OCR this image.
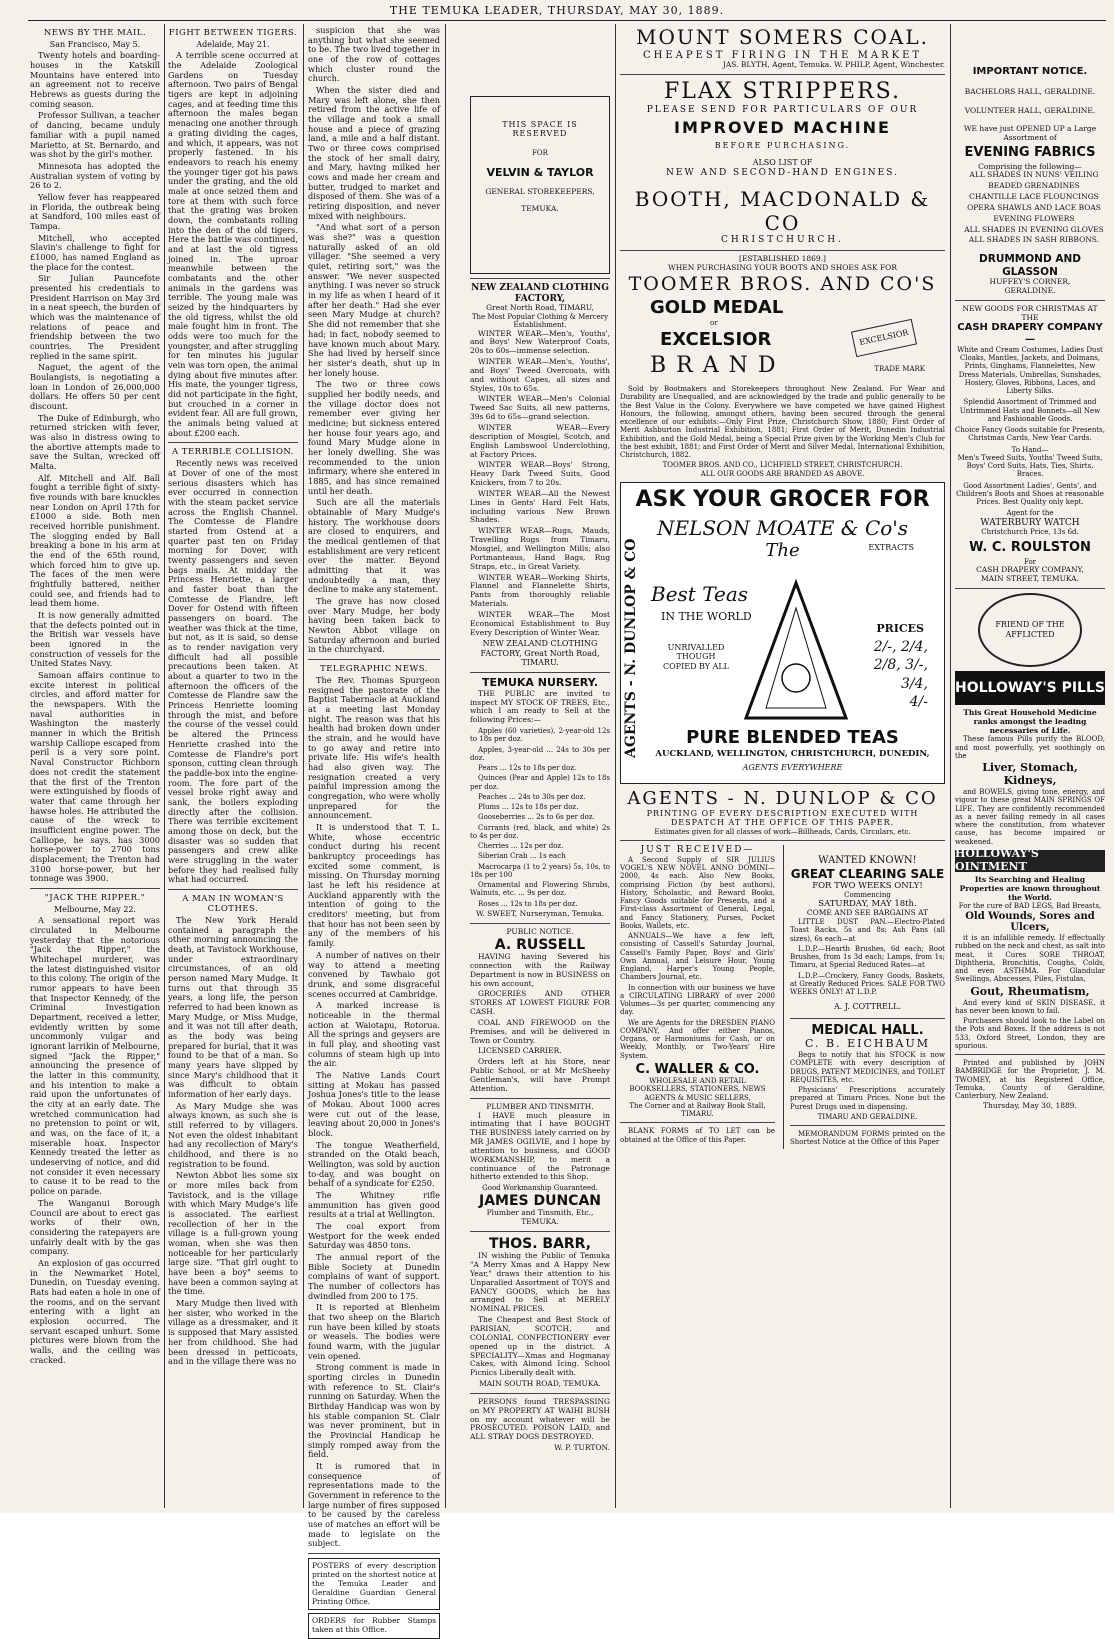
THE TEMUKA LEADER, THURSDAY, MAY 30, 1889.
NEWS BY THE MAIL.
San Francisco, May 5.

Twenty hotels and boarding-houses in the Katskill Mountains have entered into an agreement not to receive Hebrews as guests during the coming season.

Professor Sullivan, a teacher of dancing, became unduly familiar with a pupil named Marietto, at St. Bernardo, and was shot by the girl's mother.

Minnesota has adopted the Australian system of voting by 26 to 2.

Yellow fever has reappeared in Florida, the outbreak being at Sandford, 100 miles east of Tampa.

Mitchell, who accepted Slavin's challenge to fight for £1000, has named England as the place for the contest.

Sir Julian Pauncefote presented his credentials to President Harrison on May 3rd in a neat speech, the burden of which was the maintenance of relations of peace and friendship between the two countries. The President replied in the same spirit.

Naguet, the agent of the Boulangists, is negotiating a loan in London of 26,000,000 dollars. He offers 50 per cent discount.

The Duke of Edinburgh, who returned stricken with fever, was also in distress owing to the abortive attempts made to save the Sultan, wrecked off Malta.

Alf. Mitchell and Alf. Ball fought a terrible fight of sixty-five rounds with bare knuckles near London on April 17th for £1000 a side. Both men received horrible punishment. The slogging ended by Ball breaking a bone in his arm at the end of the 65th round, which forced him to give up. The faces of the men were frightfully battered, neither could see, and friends had to lead them home.

It is now generally admitted that the defects pointed out in the British war vessels have been ignored in the construction of vessels for the United States Navy.

Samoan affairs continue to excite interest in political circles, and afford matter for the newspapers. With the naval authorities in Washington the masterly manner in which the British warship Calliope escaped from peril is a very sore point. Naval Constructor Richborn does not credit the statement that the first of the Trenton were extinguished by floods of water that came through her hawse holes. He attributed the cause of the wreck to insufficient engine power. The Calliope, he says, has 3000 horse-power to 2700 tons displacement; the Trenton had 3100 horse-power, but her tonnage was 3900.

"JACK THE RIPPER."
Melbourne, May 22.

A sensational report was circulated in Melbourne yesterday that the notorious "Jack the Ripper," the Whitechapel murderer, was the latest distinguished visitor to this colony. The origin of the rumor appears to have been that Inspector Kennedy, of the Criminal Investigation Department, received a letter, evidently written by some uncommonly vulgar and ignorant larrikin of Melbourne, signed "Jack the Ripper," announcing the presence of the latter in this community, and his intention to make a raid upon the unfortunates of the city at an early date. The wretched communication had no pretension to point or wit, and was, on the face of it, a miserable hoax. Inspector Kennedy treated the letter as undeserving of notice, and did not consider it even necessary to cause it to be read to the police on parade.

The Wanganui Borough Council are about to erect gas works of their own, considering the ratepayers are unfairly dealt with by the gas company.

An explosion of gas occurred in the Newmarket Hotel, Dunedin, on Tuesday evening. Rats had eaten a hole in one of the rooms, and on the servant entering with a light an explosion occurred. The servant escaped unhurt. Some pictures were blown from the walls, and the ceiling was cracked.

FIGHT BETWEEN TIGERS.
Adelaide, May 21.

A terrible scene occurred at the Adelaide Zoological Gardens on Tuesday afternoon. Two pairs of Bengal tigers are kept in adjoining cages, and at feeding time this afternoon the males began menacing one another through a grating dividing the cages, and which, it appears, was not properly fastened. In his endeavors to reach his enemy the younger tiger got his paws under the grating, and the old male at once seized them and tore at them with such force that the grating was broken down, the combatants rolling into the den of the old tigers. Here the battle was continued, and at last the old tigress joined in. The uproar meanwhile between the combatants and the other animals in the gardens was terrible. The young male was seized by the hindquarters by the old tigress, whilst the old male fought him in front. The odds were too much for the youngster, and after struggling for ten minutes his jugular vein was torn open, the animal dying about five minutes after. His mate, the younger tigress, did not participate in the fight, but crouched in a corner in evident fear. All are full grown, the animals being valued at about £200 each.

A TERRIBLE COLLISION.

Recently news was received at Dover of one of the most serious disasters which has ever occurred in connection with the steam packet service across the English Channel. The Comtesse de Flandre started from Ostend at a quarter past ten on Friday morning for Dover, with twenty passengers and seven bags mails. At midday the Princess Henriette, a larger and faster boat than the Comtesse de Flandre, left Dover for Ostend with fifteen passengers on board. The weather was thick at the time, but not, as it is said, so dense as to render navigation very difficult had all possible precautions been taken. At about a quarter to two in the afternoon the officers of the Comtesse de Flandre saw the Princess Henriette looming through the mist, and before the course of the vessel could be altered the Princess Henriette crashed into the Comtesse de Flandre's port sponson, cutting clean through the paddle-box into the engine-room. The fore part of the vessel broke right away and sank, the boilers exploding directly after the collision. There was terrible excitement among those on deck, but the disaster was so sudden that passengers and crew alike were struggling in the water before they had realised fully what had occurred.

A MAN IN WOMAN'S CLOTHES.

The New York Herald contained a paragraph the other morning announcing the death, at Tavistock Workhouse, under extraordinary circumstances, of an old person named Mary Mudge. It turns out that through 35 years, a long life, the person referred to had been known as Mary Mudge, or Miss Mudge, and it was not till after death, as the body was being prepared for burial, that it was found to be that of a man. So many years have slipped by since Mary's childhood that it was difficult to obtain information of her early days.

As Mary Mudge she was always known, as such she is still referred to by villagers. Not even the oldest inhabitant had any recollection of Mary's childhood, and there is no registration to be found.

Newton Abbot lies some six or more miles back from Tavistock, and is the village with which Mary Mudge's life is associated. The earliest recollection of her in the village is a full-grown young woman, when she was then noticeable for her particularly large size. "That girl ought to have been a boy" seems to have been a common saying at the time.

Mary Mudge then lived with her sister, who worked in the village as a dressmaker, and it is supposed that Mary assisted her from childhood. She had been dressed in petticoats, and in the village there was no

suspicion that she was anything but what she seemed to be. The two lived together in one of the row of cottages which cluster round the church.

When the sister died and Mary was left alone, she then retired from the active life of the village and took a small house and a piece of grazing land, a mile and a half distant. Two or three cows comprised the stock of her small dairy, and Mary, having milked her cows and made her cream and butter, trudged to market and disposed of them. She was of a retiring disposition, and never mixed with neighbours.

"And what sort of a person was she?" was a question naturally asked of an old villager. "She seemed a very quiet, retiring sort," was the answer. "We never suspected anything. I was never so struck in my life as when I heard of it after her death." Had she ever seen Mary Mudge at church? She did not remember that she had; in fact, nobody seemed to have known much about Mary. She had lived by herself since her sister's death, shut up in her lonely house.

The two or three cows supplied her bodily needs, and the village doctor does not remember ever giving her medicine; but sickness entered her house four years ago, and found Mary Mudge alone in her lonely dwelling. She was recommended to the union infirmary, where she entered in 1885, and has since remained until her death.

Such are all the materials obtainable of Mary Mudge's history. The workhouse doors are closed to enquirers, and the medical gentlemen of that establishment are very reticent over the matter. Beyond admitting that it was undoubtedly a man, they decline to make any statement.

The grave has now closed over Mary Mudge, her body having been taken back to Newton Abbot village on Saturday afternoon and buried in the churchyard.

TELEGRAPHIC NEWS.

The Rev. Thomas Spurgeon resigned the pastorate of the Baptist Tabernacle at Auckland at a meeting last Monday night. The reason was that his health had broken down under the strain, and he would have to go away and retire into private life. His wife's health had also given way. The resignation created a very painful impression among the congregation, who were wholly unprepared for the announcement.

It is understood that T. L. White, whose eccentric conduct during his recent bankruptcy proceedings has excited some comment, is missing. On Thursday morning last he left his residence at Auckland apparently with the intention of going to the creditors' meeting, but from that hour has not been seen by any of the members of his family.

A number of natives on their way to attend a meeting convened by Tawhaio got drunk, and some disgraceful scenes occurred at Cambridge.

A marked increase is noticeable in the thermal action at Waiotapu, Rotorua. All the springs and geysers are in full play, and shooting vast columns of steam high up into the air.

The Native Lands Court sitting at Mokau has passed Joshua Jones's title to the lease of Mokau. About 1000 acres were cut out of the lease, leaving about 20,000 in Jones's block.

The tongue Weatherfield, stranded on the Otaki beach, Wellington, was sold by auction to-day, and was bought on behalf of a syndicate for £250.

The Whitney rifle ammunition has given good results at a trial at Wellington.

The coal export from Westport for the week ended Saturday was 4850 tons.

The annual report of the Bible Society at Dunedin complains of want of support. The number of collectors has dwindled from 200 to 175.

It is reported at Blenheim that two sheep on the Blarich run have been killed by stoats or weasels. The bodies were found warm, with the jugular vein opened.

Strong comment is made in sporting circles in Dunedin with reference to St. Clair's running on Saturday. When the Birthday Handicap was won by his stable companion St. Clair was never prominent, but in the Provincial Handicap he simply romped away from the field.

It is rumored that in consequence of representations made to the Government in reference to the large number of fires supposed to be caused by the careless use of matches an effort will be made to legislate on the subject.

POSTERS of every description printed on the shortest notice at the Temuka Leader and Geraldine Guardian General Printing Office.
ORDERS for Rubber Stamps taken at this Office.
THIS SPACE IS RESERVED
FOR
VELVIN & TAYLOR
GENERAL STOREKEEPERS,
TEMUKA.
NEW ZEALAND CLOTHING FACTORY,
Great North Road, TIMARU,
The Most Popular Clothing & Mercery Establishment.

WINTER WEAR—Men's, Youths', and Boys' New Waterproof Coats, 20s to 60s—immense selection.

WINTER WEAR—Men's, Youths', and Boys' Tweed Overcoats, with and without Capes, all sizes and Styles, 10s to 65s.

WINTER WEAR—Men's Colonial Tweed Sac Suits, all new patterns, 39s 6d to 65s—grand selection.

WINTER WEAR—Every description of Mosgiel, Scotch, and English Lambswool Underclothing, at Factory Prices.

WINTER WEAR—Boys' Strong, Heavy Dark Tweed Suits, Good Knickers, from 7 to 20s.

WINTER WEAR—All the Newest Lines in Gents' Hard Felt Hats, including various New Brown Shades.

WINTER WEAR—Rugs, Mauds, Travelling Rugs from Timaru, Mosgiel, and Wellington Mills; also Portmanteaus, Hand Bags, Rug Straps, etc., in Great Variety.

WINTER WEAR—Working Shirts, Flannel and Flannelette Shirts, Pants from thoroughly reliable Materials.

WINTER WEAR—The Most Economical Establishment to Buy Every Description of Winter Wear.

NEW ZEALAND CLOTHING FACTORY, Great North Road, TIMARU.
TEMUKA NURSERY.

THE PUBLIC are invited to inspect MY STOCK OF TREES, Etc., which I am ready to Sell at the following Prices:—

Apples (60 varieties), 2-year-old 12s to 18s per doz.

Apples, 3-year-old ... 24s to 30s per doz.

Pears ... 12s to 18s per doz.

Quinces (Pear and Apple) 12s to 18s per doz.

Peaches ... 24s to 30s per doz.

Plums ... 12s to 18s per doz.

Gooseberries ... 2s to 6s per doz.

Currants (red, black, and white) 2s to 4s per doz.

Cherries ... 12s per doz.

Siberian Crab ... 1s each

Macrocarpa (1 to 2 years) 5s, 10s, to 18s per 100

Ornamental and Flowering Shrubs, Walnuts, etc. ... 9s per doz.

Roses ... 12s to 18s per doz.

W. SWEET, Nurseryman, Temuka.
PUBLIC NOTICE.
A. RUSSELL

HAVING having Severed his connection with the Railway Department is now in BUSINESS on his own account,

GROCERIES AND OTHER STORES AT LOWEST FIGURE FOR CASH.

COAL AND FIREWOOD on the Premises, and will be delivered in Town or Country.

LICENSED CARRIER.

Orders left at his Store, near Public School, or at Mr McSheehy Gentleman's, will have Prompt Attention.

PLUMBER AND TINSMITH.

I HAVE much pleasure in intimating that I have BOUGHT THE BUSINESS lately carried on by MR JAMES OGILVIE, and I hope by attention to business, and GOOD WORKMANSHIP, to merit a continuance of the Patronage hitherto extended to this Shop.

Good Workmanship Guaranteed.
JAMES DUNCAN
Plumber and Tinsmith, Etc., TEMUKA.
THOS. BARR,

IN wishing the Public of Temuka "A Merry Xmas and A Happy New Year," draws their attention to his Unparalled Assortment of TOYS and FANCY GOODS, which he has arranged to Sell at MERELY NOMINAL PRICES.

The Cheapest and Best Stock of PARISIAN, SCOTCH, and COLONIAL CONFECTIONERY ever opened up in the district. A SPECIALITY—Xmas and Hogmanay Cakes, with Almond Icing. School Picnics Liberally dealt with.

MAIN SOUTH ROAD, TEMUKA.

PERSONS found TRESPASSING on MY PROPERTY AT WAIHI BUSH on my account whatever will be PROSECUTED. POISON LAID, and ALL STRAY DOGS DESTROYED.

W. P. TURTON.
MOUNT SOMERS COAL.
CHEAPEST FIRING IN THE MARKET
JAS. BLYTH, Agent, Temuka. W. PHILP, Agent, Winchester.
FLAX STRIPPERS.
PLEASE SEND FOR PARTICULARS OF OUR
IMPROVED MACHINE
BEFORE PURCHASING.
ALSO LIST OF
NEW AND SECOND-HAND ENGINES.
BOOTH, MACDONALD & CO
CHRISTCHURCH.
[ESTABLISHED 1869.]
WHEN PURCHASING YOUR BOOTS AND SHOES ASK FOR
TOOMER BROS. AND CO'S
GOLD MEDAL
or
EXCELSIOR
BRAND
EXCELSIOR
TRADE MARK

Sold by Bootmakers and Storekeepers throughout New Zealand. For Wear and Durability are Unequalled, and are acknowledged by the trade and public generally to be the Best Value in the Colony. Everywhere we have competed we have gained Highest Honours, the following, amongst others, having been secured through the general excellence of our exhibits:—Only First Prize, Christchurch Show, 1880; First Order of Merit Ashburton Industrial Exhibition, 1881; First Order of Merit, Dunedin Industrial Exhibition, and the Gold Medal, being a Special Prize given by the Working Men's Club for the best exhibit, 1881; and First Order of Merit and Silver Medal, International Exhibition, Christchurch, 1882.

TOOMER BROS. AND CO., LICHFIELD STREET, CHRISTCHURCH.
ALL OUR GOODS ARE BRANDED AS ABOVE.
ASK YOUR GROCER FOR
AGENTS - N. DUNLOP & CO
NELSON MOATE & Co's
EXTRACTS
The
Best Teas
IN THE WORLD
UNRIVALLED THOUGH COPIED BY ALL
PRICES

2/-, 2/4,

2/8, 3/-,

3/4,

4/-

PURE BLENDED TEAS
AUCKLAND, WELLINGTON, CHRISTCHURCH, DUNEDIN,
AGENTS EVERYWHERE
AGENTS - N. DUNLOP & CO
PRINTING OF EVERY DESCRIPTION EXECUTED WITH DESPATCH AT THE OFFICE OF THIS PAPER.
Estimates given for all classes of work—Billheads, Cards, Circulars, etc.
JUST RECEIVED—

A Second Supply of SIR JULIUS VOGEL'S NEW NOVEL ANNO DOMINI—2000, 4s each. Also New Books, comprising Fiction (by best authors), History, Scholastic, and Reward Books, Fancy Goods suitable for Presents, and a First-class Assortment of General, Legal, and Fancy Stationery, Purses, Pocket Books, Wallets, etc.

ANNUALS—We have a few left, consisting of Cassell's Saturday Journal, Cassell's Family Paper, Boys' and Girls' Own Annual, and Leisure Hour, Young England, Harper's Young People, Chambers Journal, etc.

In connection with our business we have a CIRCULATING LIBRARY of over 2000 Volumes—3s per quarter, commencing any day.

We are Agents for the DRESDEN PIANO COMPANY, And offer either Pianos, Organs, or Harmoniums for Cash, or on Weekly, Monthly, or Two-Years' Hire System.

C. WALLER & CO.
WHOLESALE AND RETAIL BOOKSELLERS, STATIONERS, NEWS AGENTS & MUSIC SELLERS,
The Corner and at Railway Book Stall, TIMARU.

BLANK FORMS of TO LET can be obtained at the Office of this Paper.

WANTED KNOWN!
GREAT CLEARING SALE
FOR TWO WEEKS ONLY!
Commencing
SATURDAY, MAY 18th.
COME AND SEE BARGAINS AT

LITTLE DUST PAN.—Electro-Plated Toast Racks, 5s and 8s; Ash Pans (all sizes), 6s each—at

L.D.P.—Hearth Brushes, 6d each; Boot Brushes, from 1s 3d each; Lamps, from 1s; Timaru, at Special Reduced Rates—at

L.D.P.—Crockery, Fancy Goods, Baskets, at Greatly Reduced Prices. SALE FOR TWO WEEKS ONLY! AT L.D.P.

A. J. COTTRELL.
MEDICAL HALL.
C. B. EICHBAUM

Begs to notify that his STOCK is now COMPLETE with every description of DRUGS, PATENT MEDICINES, and TOILET REQUISITES, etc.

Physicians' Prescriptions accurately prepared at Timaru Prices. None but the Purest Drugs used in dispensing.

TIMARU AND GERALDINE.

MEMORANDUM FORMS printed on the Shortest Notice at the Office of this Paper

IMPORTANT NOTICE.
BACHELORS HALL, GERALDINE.
VOLUNTEER HALL, GERALDINE.
WE have just OPENED UP a Large Assortment of
EVENING FABRICS
Comprising the following—

ALL SHADES IN NUNS' VEILING

BEADED GRENADINES

CHANTILLE LACE FLOUNCINGS

OPERA SHAWLS AND LACE BOAS

EVENING FLOWERS

ALL SHADES IN EVENING GLOVES

ALL SHADES IN SASH RIBBONS.

DRUMMOND AND GLASSON
HUFFEY'S CORNER,
GERALDINE.
NEW GOODS FOR CHRISTMAS AT THE
CASH DRAPERY COMPANY—
White and Cream Costumes, Ladies Dust Cloaks, Mantles, Jackets, and Dolmans, Prints, Ginghams, Flannelettes, New Dress Materials, Umbrellas, Sunshades, Hosiery, Gloves, Ribbons, Laces, and Liberty Silks.
Splendid Assortment of Trimmed and Untrimmed Hats and Bonnets—all New and Fashionable Goods.
Choice Fancy Goods suitable for Presents, Christmas Cards, New Year Cards.
To Hand—
Men's Tweed Suits, Youths' Tweed Suits, Boys' Cord Suits, Hats, Ties, Shirts, Braces.
Good Assortment Ladies', Gents', and Children's Boots and Shoes at reasonable Prices. Best Quality only kept.
Agent for the
WATERBURY WATCH
Christchurch Price, 13s 6d.
W. C. ROULSTON
For
CASH DRAPERY COMPANY,
MAIN STREET, TEMUKA.
FRIEND OF THE AFFLICTED
HOLLOWAY'S PILLS
This Great Household Medicine ranks amongst the leading necessaries of Life.

These famous Pills purify the BLOOD, and most powerfully, yet soothingly on the

Liver, Stomach, Kidneys,

and BOWELS, giving tone, energy, and vigour to these great MAIN SPRINGS OF LIFE. They are confidently recommended as a never failing remedy in all cases where the constitution, from whatever cause, has become impaired or weakened.

HOLLOWAY'S OINTMENT
Its Searching and Healing Properties are known throughout the World.
For the cure of BAD LEGS, Bad Breasts,
Old Wounds, Sores and Ulcers,

it is an infallible remedy. If effectually rubbed on the neck and chest, as salt into meat, it Cures SORE THROAT, Diphtheria, Bronchitis, Coughs, Colds, and even ASTHMA. For Glandular Swellings, Abscesses, Piles, Fistulas,

Gout, Rheumatism,

And every kind of SKIN DISEASE, it has never been known to fail.

Purchasers should look to the Label on the Pots and Boxes. If the address is not 533, Oxford Street, London, they are spurious.

Printed and published by JOHN BAMBRIDGE for the Proprietor, J. M. TWOMEY, at his Registered Office, Temuka, County of Geraldine, Canterbury, New Zealand.

Thursday, May 30, 1889.
